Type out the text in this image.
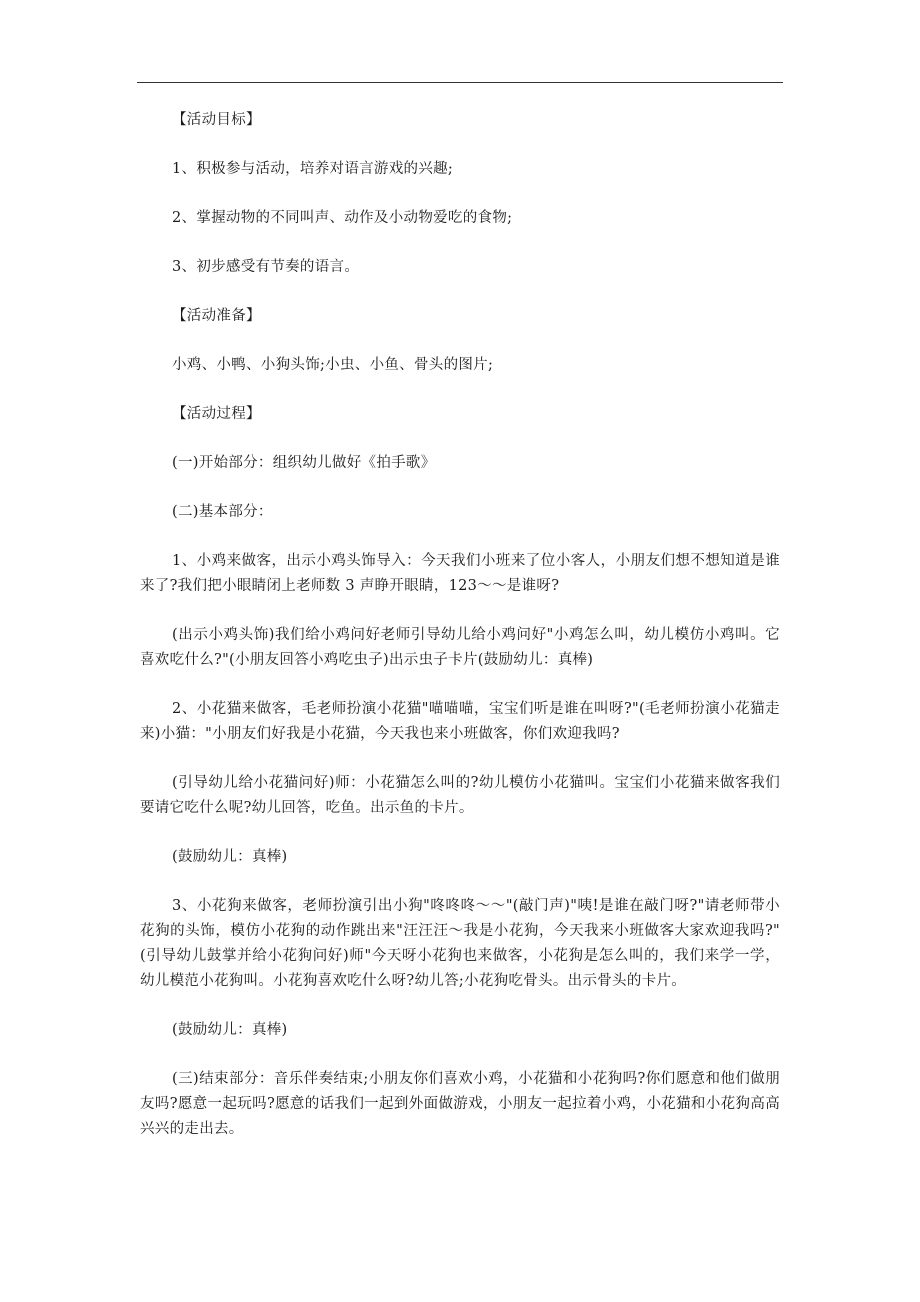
【活动目标】

1、积极参与活动，培养对语言游戏的兴趣;

2、掌握动物的不同叫声、动作及小动物爱吃的食物;

3、初步感受有节奏的语言。

【活动准备】

小鸡、小鸭、小狗头饰;小虫、小鱼、骨头的图片;

【活动过程】

(一)开始部分：组织幼儿做好《拍手歌》

(二)基本部分：

1、小鸡来做客，出示小鸡头饰导入：今天我们小班来了位小客人，小朋友们想不想知道是谁来了?我们把小眼睛闭上老师数 3 声睁开眼睛，123～～是谁呀?

(出示小鸡头饰)我们给小鸡问好老师引导幼儿给小鸡问好"小鸡怎么叫，幼儿模仿小鸡叫。它喜欢吃什么?"(小朋友回答小鸡吃虫子)出示虫子卡片(鼓励幼儿：真棒)

2、小花猫来做客，毛老师扮演小花猫"喵喵喵，宝宝们听是谁在叫呀?"(毛老师扮演小花猫走来)小猫："小朋友们好我是小花猫，今天我也来小班做客，你们欢迎我吗?

(引导幼儿给小花猫问好)师：小花猫怎么叫的?幼儿模仿小花猫叫。宝宝们小花猫来做客我们要请它吃什么呢?幼儿回答，吃鱼。出示鱼的卡片。

(鼓励幼儿：真棒)

3、小花狗来做客，老师扮演引出小狗"咚咚咚～～"(敲门声)"咦!是谁在敲门呀?"请老师带小花狗的头饰，模仿小花狗的动作跳出来"汪汪汪～我是小花狗，今天我来小班做客大家欢迎我吗?"(引导幼儿鼓掌并给小花狗问好)师"今天呀小花狗也来做客，小花狗是怎么叫的，我们来学一学，幼儿模范小花狗叫。小花狗喜欢吃什么呀?幼儿答;小花狗吃骨头。出示骨头的卡片。

(鼓励幼儿：真棒)

(三)结束部分：音乐伴奏结束;小朋友你们喜欢小鸡，小花猫和小花狗吗?你们愿意和他们做朋友吗?愿意一起玩吗?愿意的话我们一起到外面做游戏，小朋友一起拉着小鸡，小花猫和小花狗高高兴兴的走出去。
